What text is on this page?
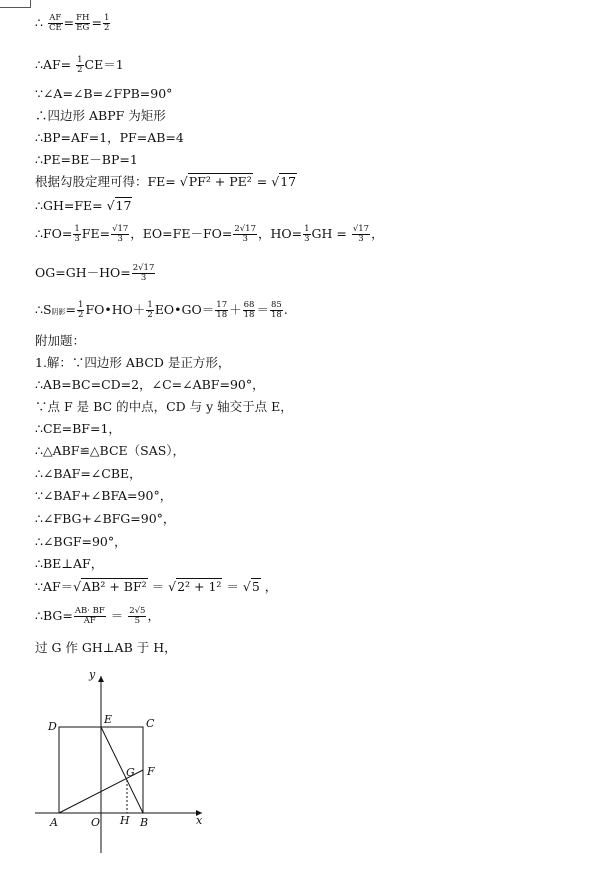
∴ $\frac{AF}{CE} = \frac{FH}{EG} = \frac{1}{2}$
∴AF= $\frac{1}{2} CE=1$
∵∠A=∠B=∠FPB=90°
∴四边形 ABPF 为矩形
∴BP=AF=1，PF=AB=4
∴PE=BE－BP=1
根据勾股定理可得：FE= √PF² + PE² = √17
∴GH=FE= √17
∴FO= $\frac{1}{3} FE= \frac{√17}{3}$ ，$EO=FE-FO= \frac{2√17}{3}$ ，$HO= \frac{1}{3}$ GH = $\frac{√17}{3}$ ，
$OG=GH-HO= \frac{2√17}{3}$
∴S阴影= $\frac{1}{2}$ FO•HO＋ $\frac{1}{2}$ EO•GO＝ $\frac{17}{18} + \frac{68}{18} = \frac{85}{18}$ .
附加题：
1.解：∵四边形 ABCD 是正方形，
∴AB=BC=CD=2，∠C=∠ABF=90°，
∵点 F 是 BC 的中点，CD 与 y 轴交于点 E，
∴CE=BF=1，
∴△ABF≌△BCE（SAS），
∴∠BAF=∠CBE，
∵∠BAF+∠BFA=90°，
∴∠FBG+∠BFG=90°，
∴∠BGF=90°，
∴BE⊥AF，
∵AF＝√AB² + BF² ＝ √2² + 1² ＝ √5 ，
∴BG= $\frac{AB\cdot BF}{AF} = \frac{2√5}{5}$ ，
过 G 作 GH⊥AB 于 H，
y
x
D
E	C
G F
A	O H B
